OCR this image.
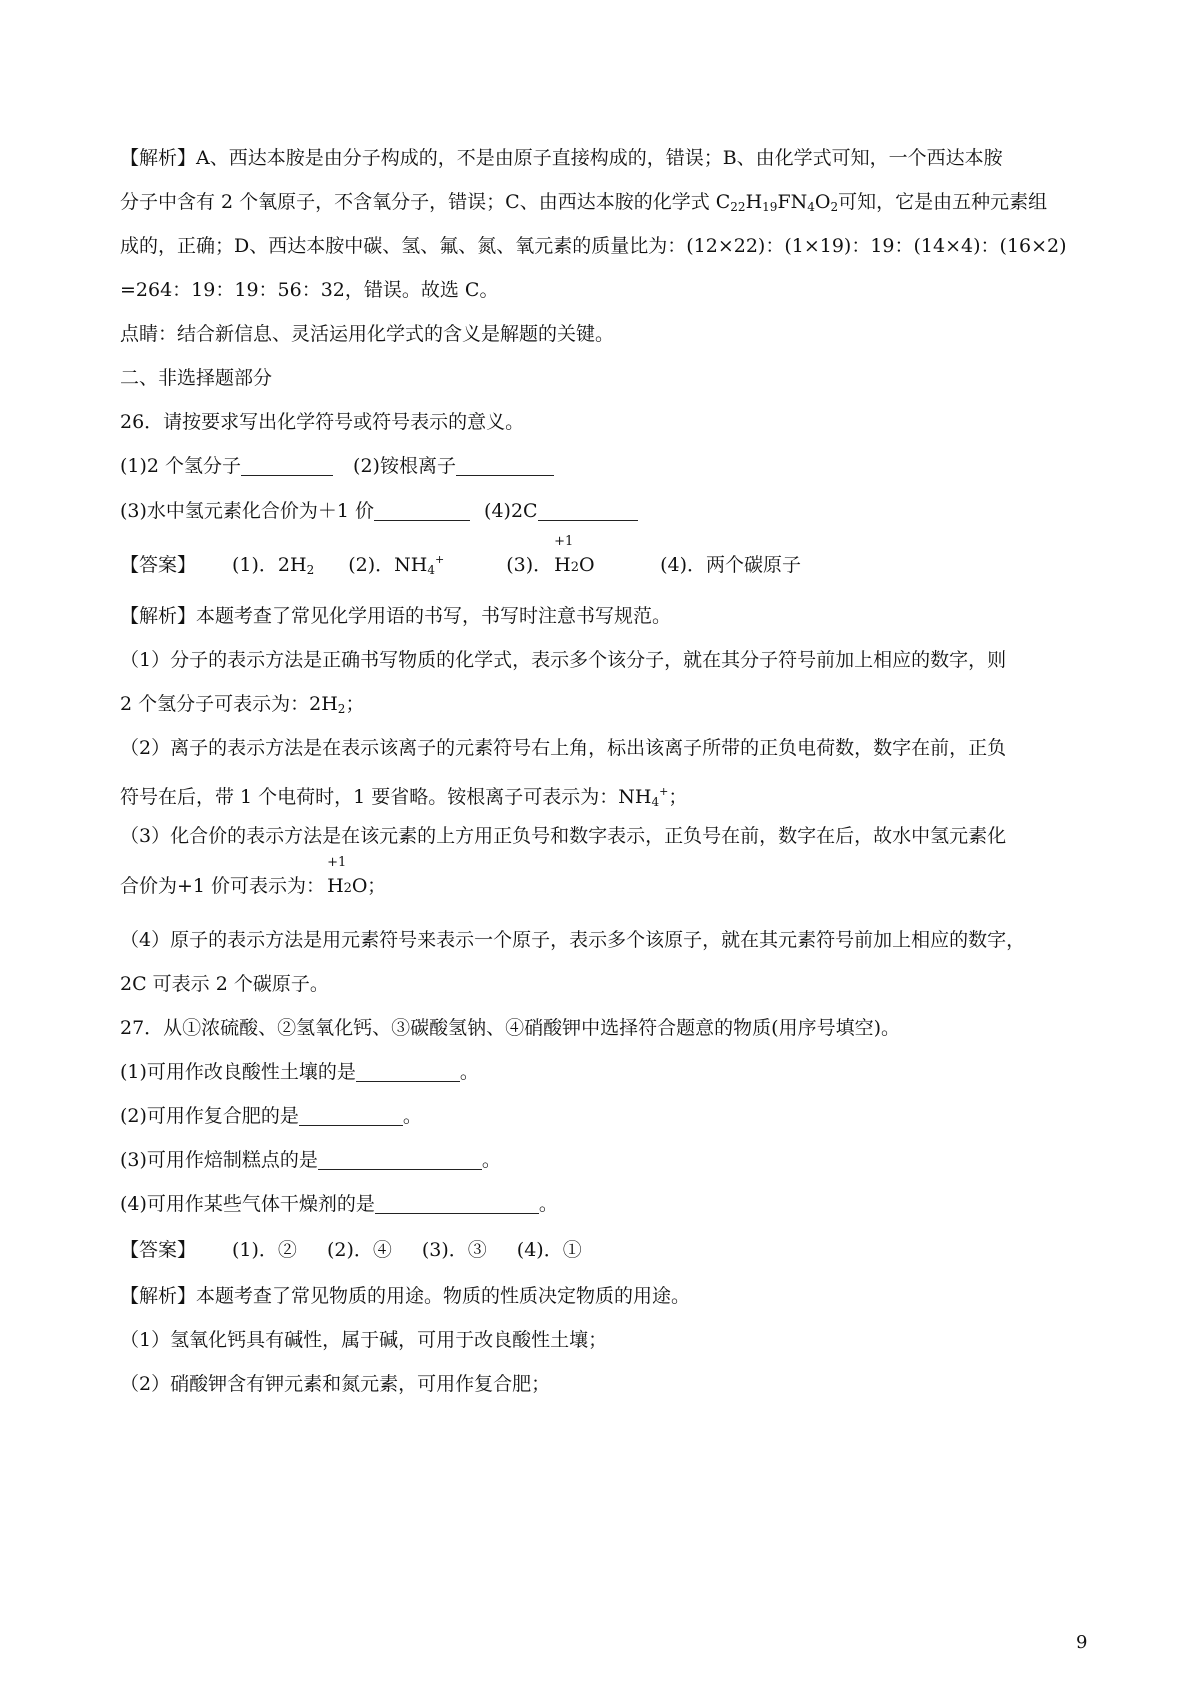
【解析】A、西达本胺是由分子构成的，不是由原子直接构成的，错误；B、由化学式可知，一个西达本胺
分子中含有 2 个氧原子，不含氧分子，错误；C、由西达本胺的化学式 $C_{22}H_{19}FN_4O_2$可知，它是由五种元素组
成的，正确；D、西达本胺中碳、氢、氟、氮、氧元素的质量比为：(12×22)：(1×19)：19：(14×4)：(16×2)
=264：19：19：56：32，错误。故选 C。
点睛：结合新信息、灵活运用化学式的含义是解题的关键。
二、非选择题部分
26．请按要求写出化学符号或符号表示的意义。
(1)2 个氢分子	(2)铵根离子
(3)水中氢元素化合价为＋1 价	(4)2C
【答案】 (1)．$2H_2$ (2)．$NH_4^+$	(3)．
+1
H2O	(4)．两个碳原子
【解析】本题考查了常见化学用语的书写，书写时注意书写规范。
（1）分子的表示方法是正确书写物质的化学式，表示多个该分子，就在其分子符号前加上相应的数字，则
2 个氢分子可表示为：$2H_2$；
（2）离子的表示方法是在表示该离子的元素符号右上角，标出该离子所带的正负电荷数，数字在前，正负
符号在后，带 1 个电荷时，1 要省略。铵根离子可表示为：$NH_4^+$；
（3）化合价的表示方法是在该元素的上方用正负号和数字表示，正负号在前，数字在后，故水中氢元素化
合价为+1 价可表示为：
+1
H2O ；
（4）原子的表示方法是用元素符号来表示一个原子，表示多个该原子，就在其元素符号前加上相应的数字，
2C 可表示 2 个碳原子。
27．从①浓硫酸、②氢氧化钙、③碳酸氢钠、④硝酸钾中选择符合题意的物质(用序号填空)。
(1)可用作改良酸性土壤的是	。
(2)可用作复合肥的是	。
(3)可用作焙制糕点的是	。
(4)可用作某些气体干燥剂的是	。
【答案】 (1)．② (2)．④ (3)．③ (4)．①
【解析】本题考查了常见物质的用途。物质的性质决定物质的用途。
（1）氢氧化钙具有碱性，属于碱，可用于改良酸性土壤；
（2）硝酸钾含有钾元素和氮元素，可用作复合肥；
9
